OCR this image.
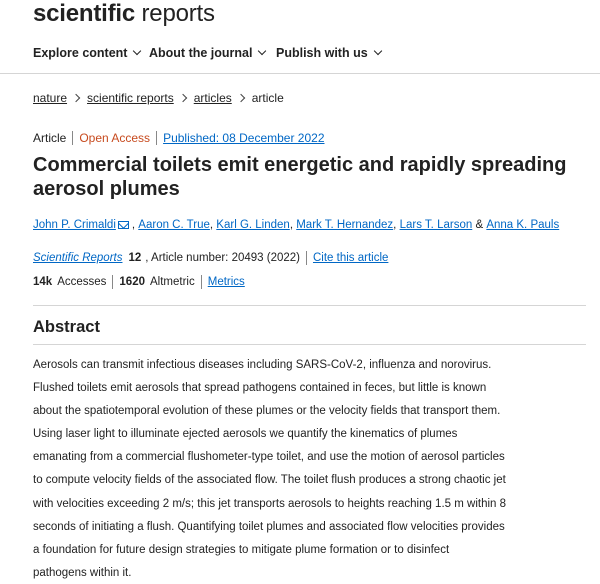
scientific reports
Explore content About the journal Publish with us
nature scientific reports articles article
Article Open Access Published: 08 December 2022
Commercial toilets emit energetic and rapidly spreading aerosol plumes
John P. Crimaldi ,
Aaron C. True ,
Karl G. Linden ,
Mark T. Hernandez ,
Lars T. Larson
&
Anna K. Pauls
Scientific Reports 12 , Article number: 20493 (2022) Cite this article
14k Accesses 1620 Altmetric Metrics
Abstract
Aerosols can transmit infectious diseases including SARS-CoV-2, influenza and norovirus.
Flushed toilets emit aerosols that spread pathogens contained in feces, but little is known
about the spatiotemporal evolution of these plumes or the velocity fields that transport them.
Using laser light to illuminate ejected aerosols we quantify the kinematics of plumes
emanating from a commercial flushometer-type toilet, and use the motion of aerosol particles
to compute velocity fields of the associated flow. The toilet flush produces a strong chaotic jet
with velocities exceeding 2 m/s; this jet transports aerosols to heights reaching 1.5 m within 8
seconds of initiating a flush. Quantifying toilet plumes and associated flow velocities provides
a foundation for future design strategies to mitigate plume formation or to disinfect
pathogens within it.
